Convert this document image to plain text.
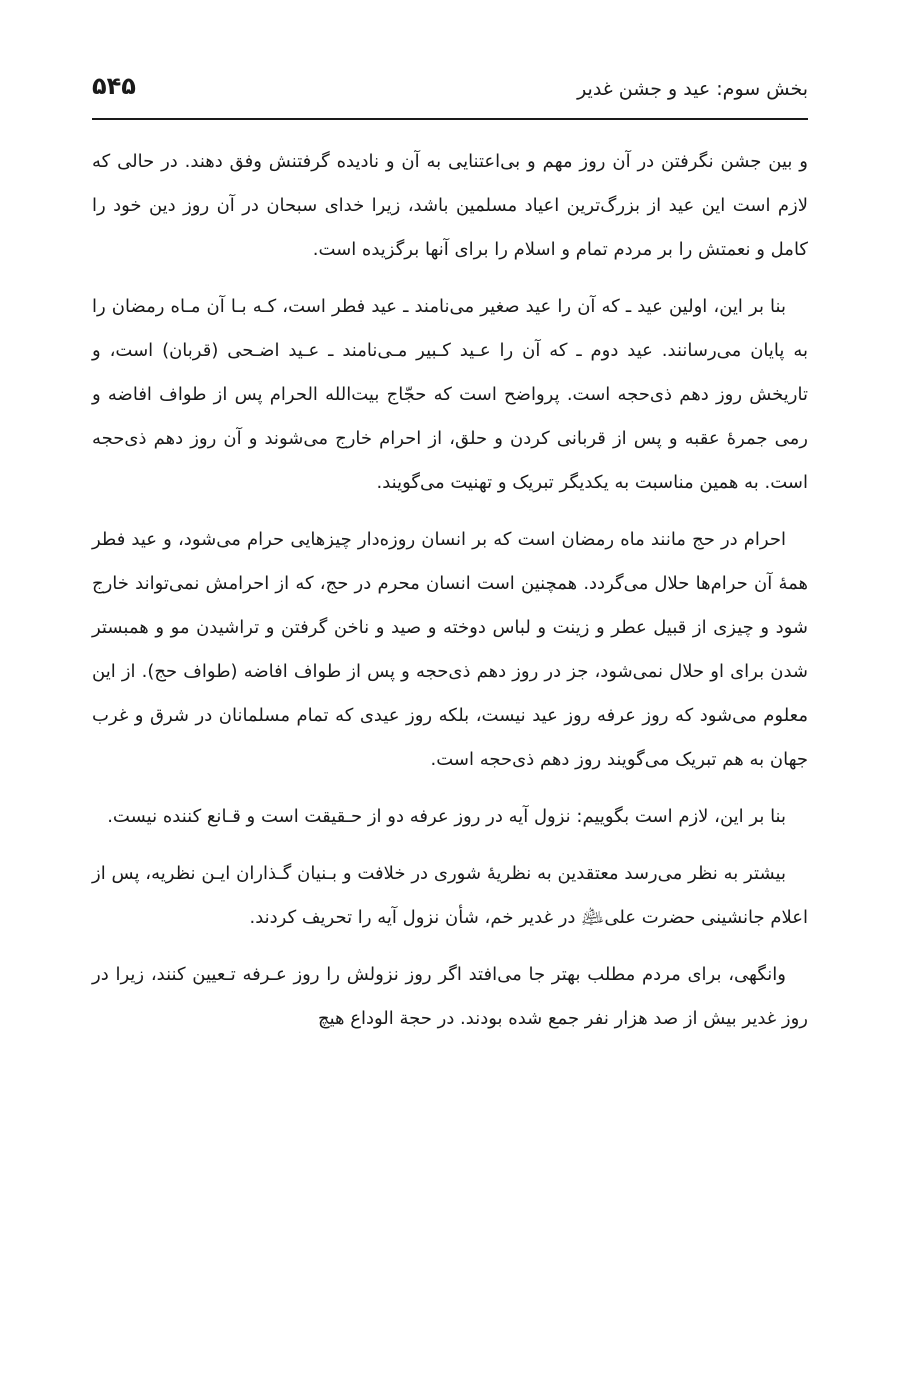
۵۴۵	بخش سوم: عید و جشن غدیر

و بین جشن نگرفتن در آن روز مهم و بی‌اعتنایی به آن و نادیده گرفتنش وفق دهند. در حالی که لازم است این عید از بزرگ‌ترین اعیاد مسلمین باشد، زیرا خدای سبحان در آن روز دین خود را کامل و نعمتش را بر مردم تمام و اسلام را برای آنها برگزیده است.

بنا بر این، اولین عید ـ که آن را عید صغیر می‌نامند ـ عید فطر است، کـه بـا آن مـاه رمضان را به پایان می‌رسانند. عید دوم ـ که آن را عـید کـبیر مـی‌نامند ـ عـید اضـحی (قربان) است، و تاریخش روز دهم ذی‌حجه است. پرواضح است که حجّاج بیت‌الله الحرام پس از طواف افاضه و رمی جمرهٔ عقبه و پس از قربانی کردن و حلق، از احرام خارج می‌شوند و آن روز دهم ذی‌حجه است. به همین مناسبت به یکدیگر تبریک و تهنیت می‌گویند.

احرام در حج مانند ماه رمضان است که بر انسان روزه‌دار چیزهایی حرام می‌شود، و عید فطر همهٔ آن حرام‌ها حلال می‌گردد. همچنین است انسان محرم در حج، که از احرامش نمی‌تواند خارج شود و چیزی از قبیل عطر و زینت و لباس دوخته و صید و ناخن گرفتن و تراشیدن مو و همبستر شدن برای او حلال نمی‌شود، جز در روز دهم ذی‌حجه و پس از طواف افاضه (طواف حج). از این معلوم می‌شود که روز عرفه روز عید نیست، بلکه روز عیدی که تمام مسلمانان در شرق و غرب جهان به هم تبریک می‌گویند روز دهم ذی‌حجه است.

بنا بر این، لازم است بگوییم: نزول آیه در روز عرفه دو از حـقیقت است و قـانع کننده نیست.

بیشتر به نظر می‌رسد معتقدین به نظریهٔ شوری در خلافت و بـنیان گـذاران ایـن نظریه، پس از اعلام جانشینی حضرت علی‌﵇ در غدیر خم، شأن نزول آیه را تحریف کردند.

وانگهی، برای مردم مطلب بهتر جا می‌افتد اگر روز نزولش را روز عـرفه تـعیین کنند، زیرا در روز غدیر بیش از صد هزار نفر جمع شده بودند. در حجة الوداع هیچ
